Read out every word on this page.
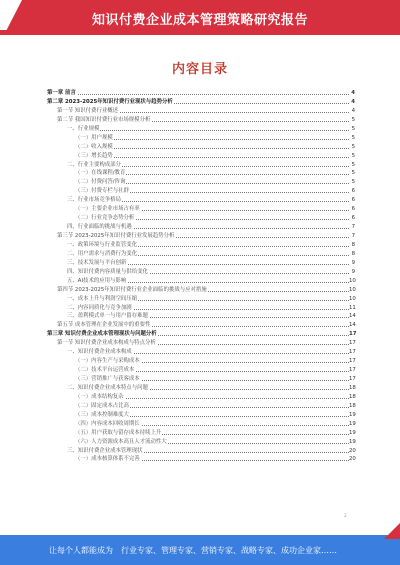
知识付费企业成本管理策略研究报告
内容目录
第一章 前言	4
第二章 2023-2025年知识付费行业现状与趋势分析	4
第一节 知识付费行业概述	4
第二节 我国知识付费行业市场规模分析	5
一、行业规模	5
（一）用户规模	5
（二）收入规模	5
（三）增长趋势	5
二、行业主要构成部分	5
（一）在线课程/教育	5
（二）付费问答/咨询	5
（三）付费专栏与社群	6
三、行业市场竞争格局	6
（一）主要企业市场占有率	6
（二）行业竞争态势分析	6
四、行业面临的挑战与机遇	7
第三节 2023-2025年知识付费行业发展趋势分析	7
一、政策环境与行业监管变化	8
二、用户需求与消费行为变化	8
三、技术发展与平台创新	9
四、知识付费内容质量与供给变化	9
五、AI技术的应用与影响	10
第四节 2023-2025年知识付费行业企业面临的挑战与应对措施	10
一、成本上升与利润空间压缩	10
二、内容同质化与竞争加剧	11
三、盈利模式单一与用户留存难题	14
第五节 成本管理在企业发展中的重要性	14
第三章 知识付费企业成本管理现状与问题分析	17
第一节 知识付费企业成本构成与特点分析	17
一、知识付费企业成本构成	17
（一）内容生产与采购成本	17
（二）技术平台运营成本	17
（三）营销推广与获客成本	17
二、知识付费企业成本特点与问题	18
（一）成本结构复杂	18
（二）固定成本占比高	18
（三）成本控制难度大	19
（四）内容成本回收周期长	19
（五）用户获取与留存成本持续上升	19
（六）人力资源成本高且人才流动性大	19
三、知识付费企业成本管理现状	20
（一）成本核算体系不完善	20
2
让每个人都能成为 行业专家、管理专家、营销专家、战略专家、成功企业家……
